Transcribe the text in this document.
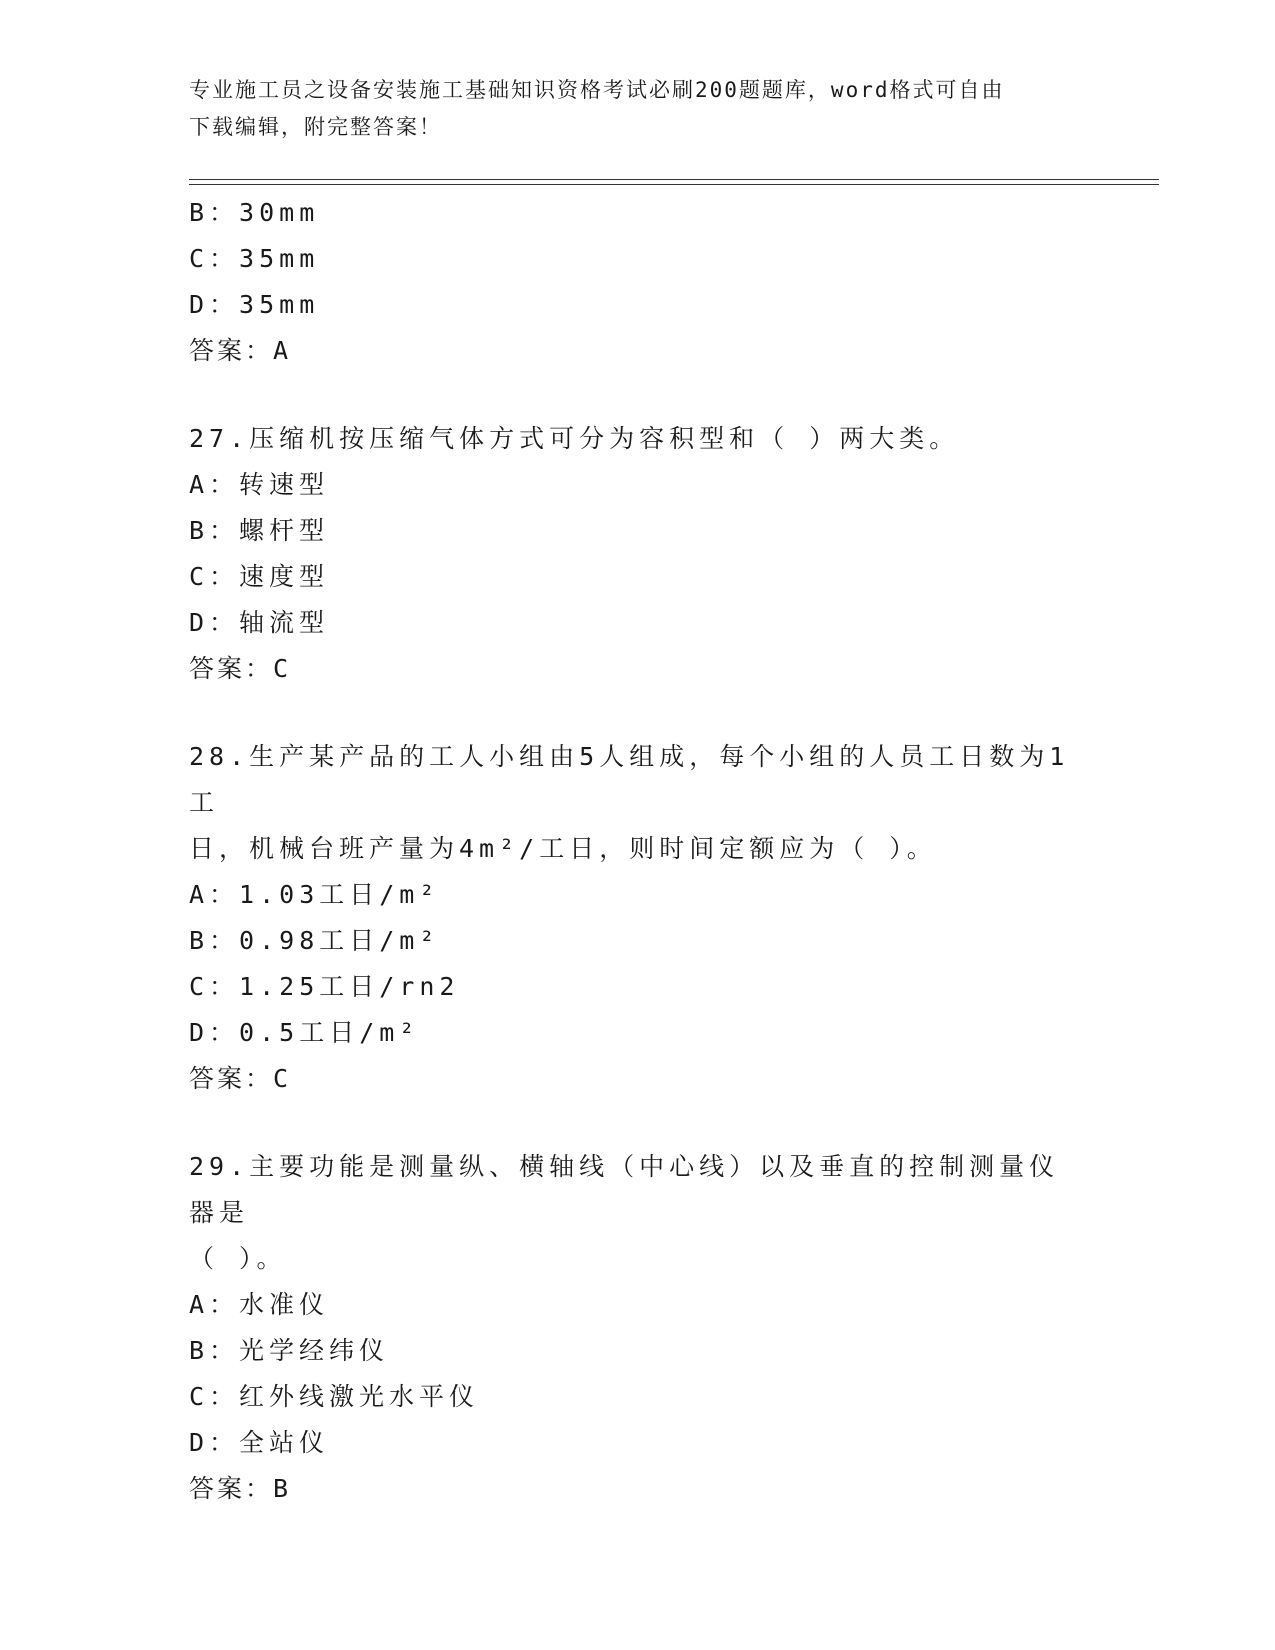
专业施工员之设备安装施工基础知识资格考试必刷200题题库，word格式可自由
下载编辑，附完整答案！
B：30mm
C：35mm
D：35mm
答案：A
27.压缩机按压缩气体方式可分为容积型和（ ）两大类。
A：转速型
B：螺杆型
C：速度型
D：轴流型
答案：C
28.生产某产品的工人小组由5人组成，每个小组的人员工日数为1工
日，机械台班产量为4m²/工日，则时间定额应为（ ）。
A：1.03工日/m²
B：0.98工日/m²
C：1.25工日/rn2
D：0.5工日/m²
答案：C
29.主要功能是测量纵、横轴线（中心线）以及垂直的控制测量仪器是
（ ）。
A：水准仪
B：光学经纬仪
C：红外线激光水平仪
D：全站仪
答案：B
